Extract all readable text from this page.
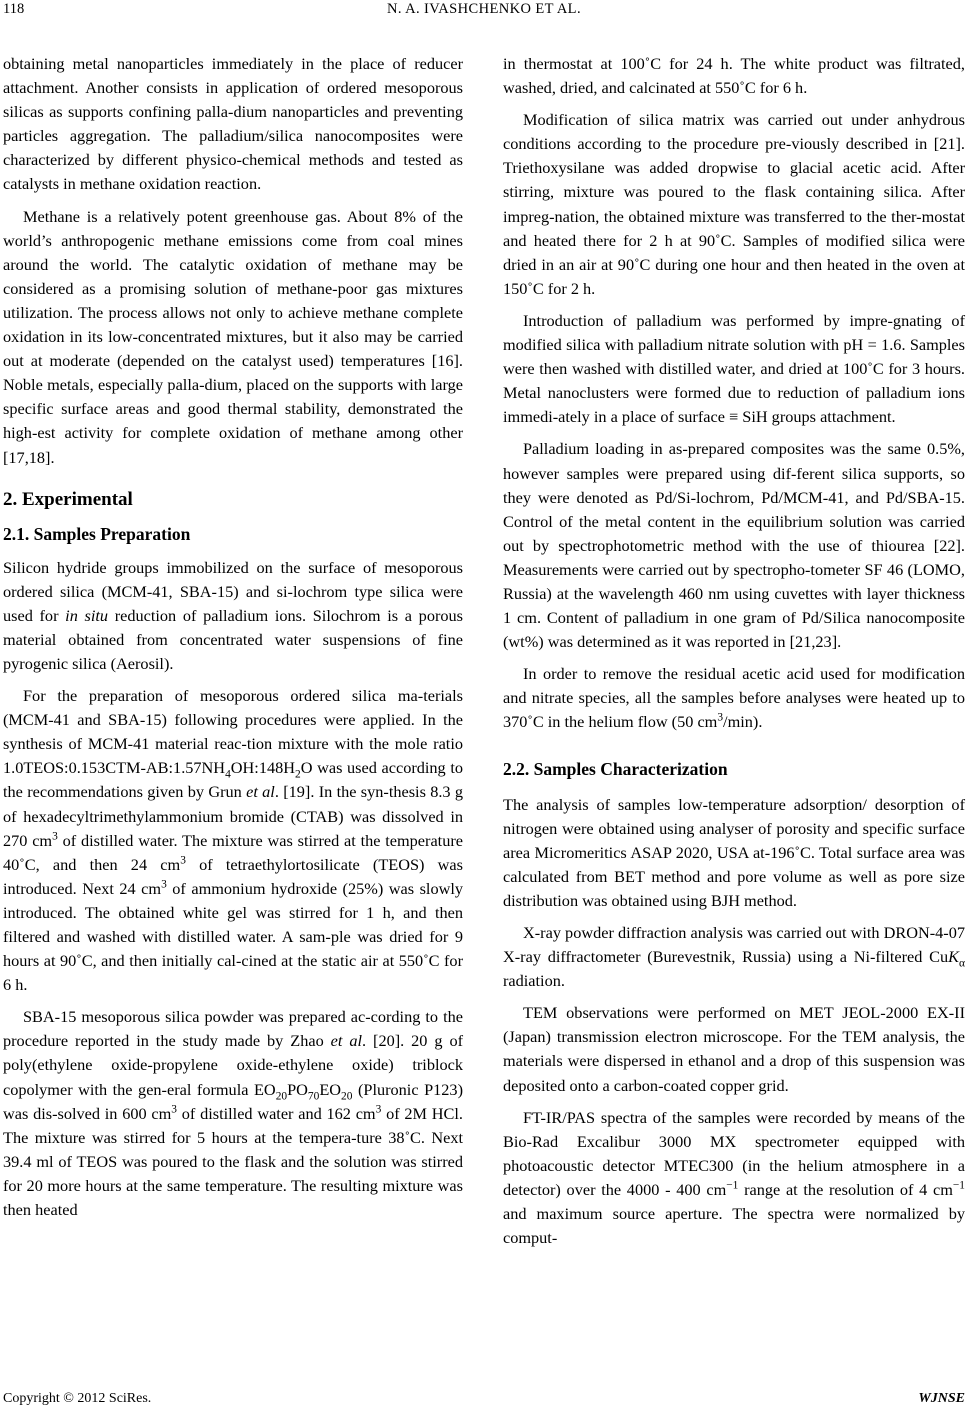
118	N. A. IVASHCHENKO ET AL.

obtaining metal nanoparticles immediately in the place of reducer attachment. Another consists in application of ordered mesoporous silicas as supports confining palla-dium nanoparticles and preventing particles aggregation. The palladium/silica nanocomposites were characterized by different physico-chemical methods and tested as catalysts in methane oxidation reaction.

Methane is a relatively potent greenhouse gas. About 8% of the world’s anthropogenic methane emissions come from coal mines around the world. The catalytic oxidation of methane may be considered as a promising solution of methane-poor gas mixtures utilization. The process allows not only to achieve methane complete oxidation in its low-concentrated mixtures, but it also may be carried out at moderate (depended on the catalyst used) temperatures [16]. Noble metals, especially palla-dium, placed on the supports with large specific surface areas and good thermal stability, demonstrated the high-est activity for complete oxidation of methane among other [17,18].

2. Experimental
2.1. Samples Preparation

Silicon hydride groups immobilized on the surface of mesoporous ordered silica (MCM-41, SBA-15) and si-lochrom type silica were used for in situ reduction of palladium ions. Silochrom is a porous material obtained from concentrated water suspensions of fine pyrogenic silica (Aerosil).

For the preparation of mesoporous ordered silica ma-terials (MCM-41 and SBA-15) following procedures were applied. In the synthesis of MCM-41 material reac-tion mixture with the mole ratio $1.0TEOS:0.153CTM-AB:1.57NH_4OH:148H_2O$ was used according to the recommendations given by Grun et al. [19]. In the syn-thesis 8.3 g of hexadecyltrimethylammonium bromide (CTAB) was dissolved in 270 $cm^3$ of distilled water. The mixture was stirred at the temperature 40˚C, and then 24 $cm^3$ of tetraethylortosilicate (TEOS) was introduced. Next 24 $cm^3$ of ammonium hydroxide (25%) was slowly introduced. The obtained white gel was stirred for 1 h, and then filtered and washed with distilled water. A sam-ple was dried for 9 hours at 90˚C, and then initially cal-cined at the static air at 550˚C for 6 h.

SBA-15 mesoporous silica powder was prepared ac-cording to the procedure reported in the study made by Zhao et al. [20]. 20 g of poly(ethylene oxide-propylene oxide-ethylene oxide) triblock copolymer with the gen-eral formula $EO_{20}PO_{70}EO_{20}$ (Pluronic P123) was dis-solved in 600 $cm^3$ of distilled water and 162 $cm^3$ of 2M HCl. The mixture was stirred for 5 hours at the tempera-ture 38˚C. Next 39.4 ml of TEOS was poured to the flask and the solution was stirred for 20 more hours at the same temperature. The resulting mixture was then heated

in thermostat at 100˚C for 24 h. The white product was filtrated, washed, dried, and calcinated at 550˚C for 6 h.

Modification of silica matrix was carried out under anhydrous conditions according to the procedure pre-viously described in [21]. Triethoxysilane was added dropwise to glacial acetic acid. After stirring, mixture was poured to the flask containing silica. After impreg-nation, the obtained mixture was transferred to the ther-mostat and heated there for 2 h at 90˚C. Samples of modified silica were dried in an air at 90˚C during one hour and then heated in the oven at 150˚C for 2 h.

Introduction of palladium was performed by impre-gnating of modified silica with palladium nitrate solution with pH = 1.6. Samples were then washed with distilled water, and dried at 100˚C for 3 hours. Metal nanoclusters were formed due to reduction of palladium ions immedi-ately in a place of surface ≡ SiH groups attachment.

Palladium loading in as-prepared composites was the same 0.5%, however samples were prepared using dif-ferent silica supports, so they were denoted as Pd/Si-lochrom, Pd/MCM-41, and Pd/SBA-15. Control of the metal content in the equilibrium solution was carried out by spectrophotometric method with the use of thiourea [22]. Measurements were carried out by spectropho-tometer SF 46 (LOMO, Russia) at the wavelength 460 nm using cuvettes with layer thickness 1 cm. Content of palladium in one gram of Pd/Silica nanocomposite (wt%) was determined as it was reported in [21,23].

In order to remove the residual acetic acid used for modification and nitrate species, all the samples before analyses were heated up to 370˚C in the helium flow (50 $cm^3/\min$).

2.2. Samples Characterization

The analysis of samples low-temperature adsorption/ desorption of nitrogen were obtained using analyser of porosity and specific surface area Micromeritics ASAP 2020, USA at-196˚C. Total surface area was calculated from BET method and pore volume as well as pore size distribution was obtained using BJH method.

X-ray powder diffraction analysis was carried out with DRON-4-07 X-ray diffractometer (Burevestnik, Russia) using a Ni-filtered CuK$_\alpha$ radiation.

TEM observations were performed on MET JEOL-2000 EX-II (Japan) transmission electron microscope. For the TEM analysis, the materials were dispersed in ethanol and a drop of this suspension was deposited onto a carbon-coated copper grid.

FT-IR/PAS spectra of the samples were recorded by means of the Bio-Rad Excalibur 3000 MX spectrometer equipped with photoacoustic detector MTEC300 (in the helium atmosphere in a detector) over the 4000 - 400 $cm^{-1}$ range at the resolution of 4 $cm^{-1}$ and maximum source aperture. The spectra were normalized by comput-

Copyright © 2012 SciRes.	WJNSE
